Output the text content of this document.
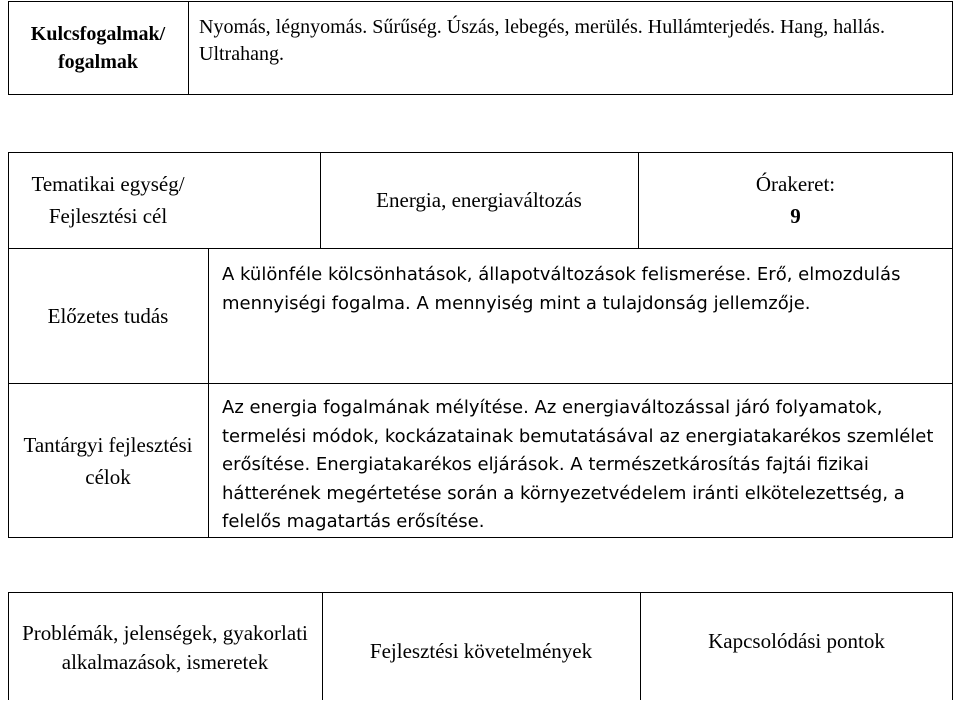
Kulcsfogalmak/ fogalmak
Nyomás, légnyomás. Sűrűség. Úszás, lebegés, merülés. Hullámterjedés. Hang, hallás. Ultrahang.
Tematikai egység/ Fejlesztési cél
Energia, energiaváltozás
Órakeret:
9
Előzetes tudás
A különféle kölcsönhatások, állapotváltozások felismerése. Erő, elmozdulás mennyiségi fogalma. A mennyiség mint a tulajdonság jellemzője.
Tantárgyi fejlesztési célok
Az energia fogalmának mélyítése. Az energiaváltozással járó folyamatok, termelési módok, kockázatainak bemutatásával az energiatakarékos szemlélet erősítése. Energiatakarékos eljárások. A természetkárosítás fajtái fizikai hátterének megértetése során a környezetvédelem iránti elkötelezettség, a felelős magatartás erősítése.
Problémák, jelenségek, gyakorlati alkalmazások, ismeretek	Fejlesztési követelmények	Kapcsolódási pontok
